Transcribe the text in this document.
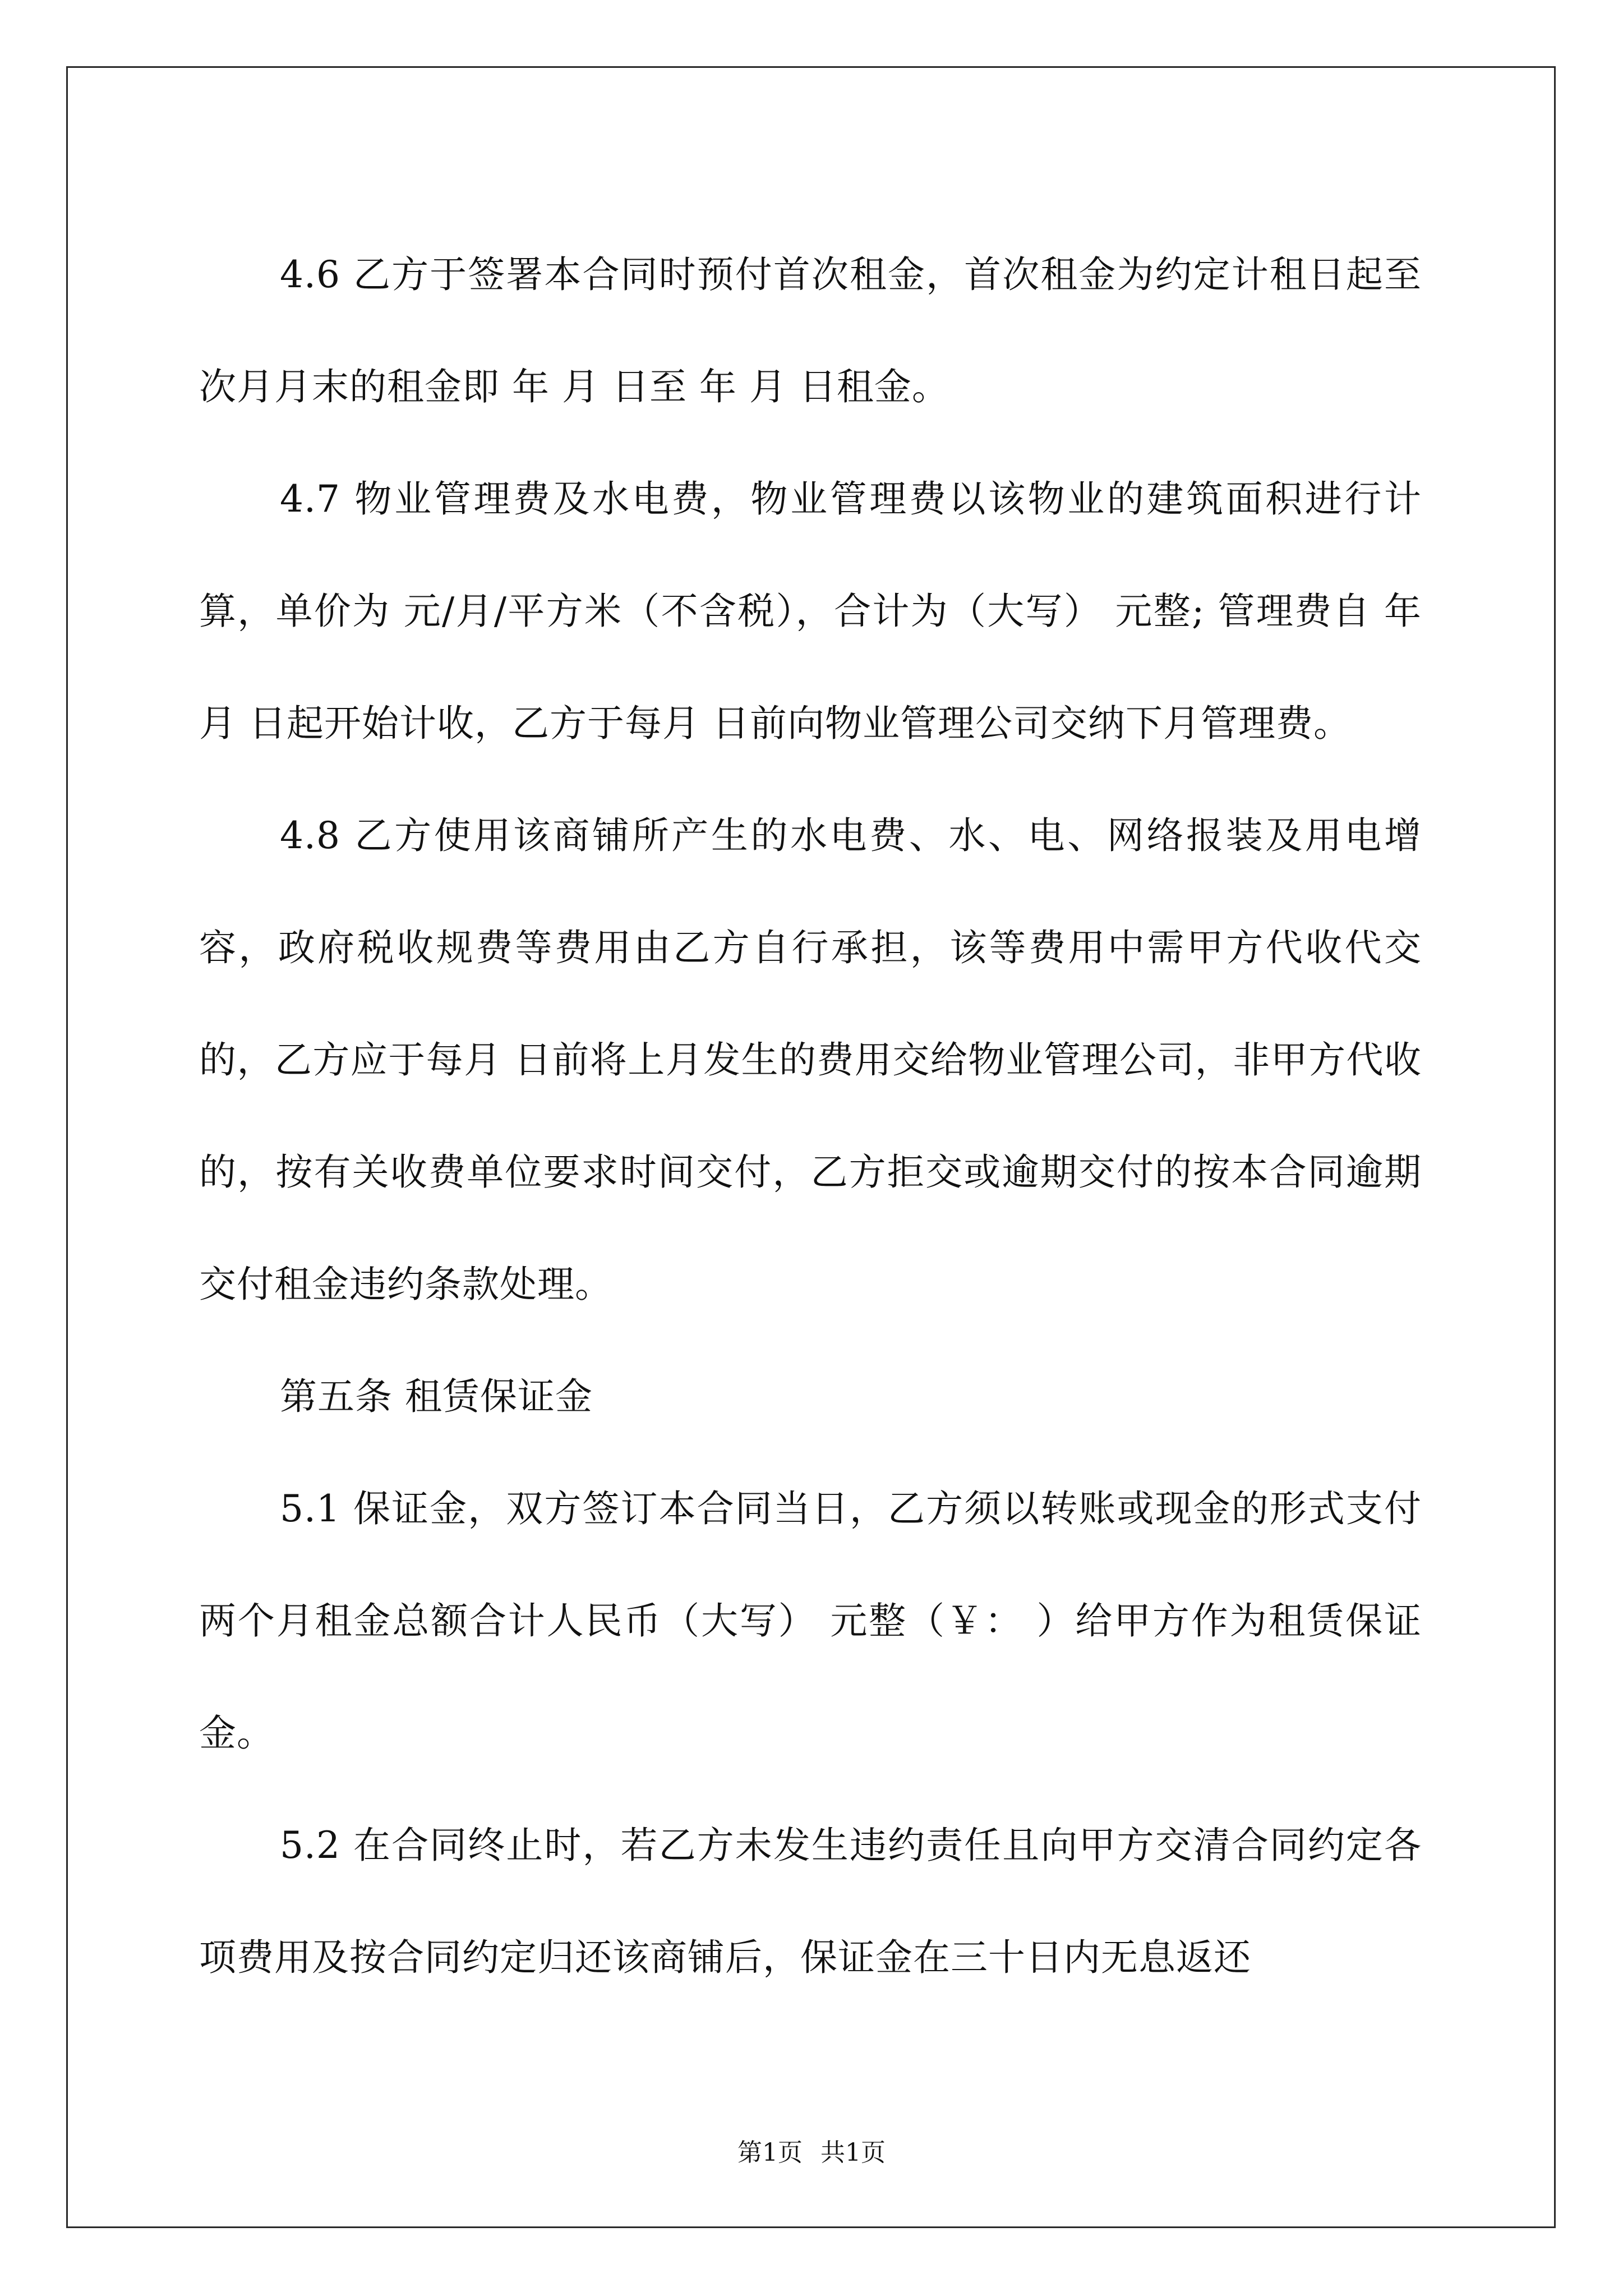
4.6 乙方于签署本合同时预付首次租金，首次租金为约定计租日起至次月月末的租金即 年 月 日至 年 月 日租金。

4.7 物业管理费及水电费，物业管理费以该物业的建筑面积进行计算，单价为 元/月/平方米（不含税），合计为（大写） 元整; 管理费自 年 月 日起开始计收，乙方于每月 日前向物业管理公司交纳下月管理费。

4.8 乙方使用该商铺所产生的水电费、水、电、网络报装及用电增容，政府税收规费等费用由乙方自行承担，该等费用中需甲方代收代交的，乙方应于每月 日前将上月发生的费用交给物业管理公司，非甲方代收的，按有关收费单位要求时间交付，乙方拒交或逾期交付的按本合同逾期交付租金违约条款处理。

第五条 租赁保证金

5.1 保证金，双方签订本合同当日，乙方须以转账或现金的形式支付两个月租金总额合计人民币（大写） 元整（￥： ）给甲方作为租赁保证金。

5.2 在合同终止时，若乙方未发生违约责任且向甲方交清合同约定各项费用及按合同约定归还该商铺后，保证金在三十日内无息返还

第1页 共1页
